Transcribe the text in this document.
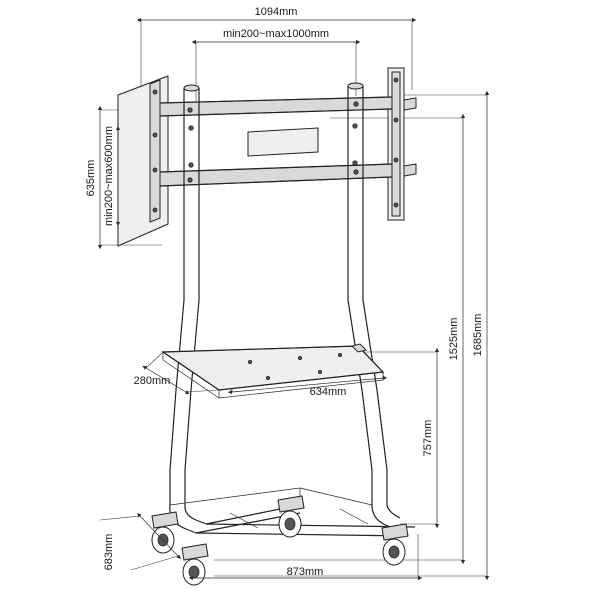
1094mm
min200~max1000mm
635mm min200~max600mm
1525mm 1685mm
757mm
280mm
634mm
873mm
683mm
